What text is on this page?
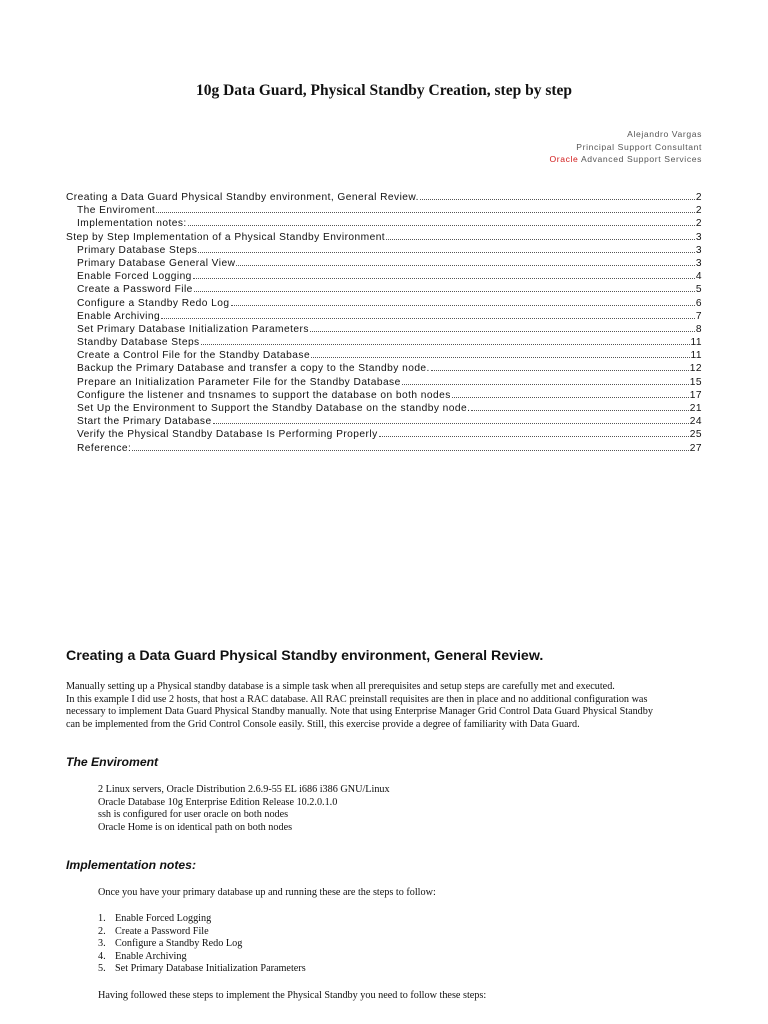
10g Data Guard, Physical Standby Creation, step by step
Alejandro Vargas
Principal Support Consultant
Oracle Advanced Support Services
Creating a Data Guard Physical Standby environment, General Review.	2
The Enviroment	2
Implementation notes:	2
Step by Step Implementation of a Physical Standby Environment	3
Primary Database Steps	3
Primary Database General View	3
Enable Forced Logging	4
Create a Password File	5
Configure a Standby Redo Log	6
Enable Archiving	7
Set Primary Database Initialization Parameters	8
Standby Database Steps	11
Create a Control File for the Standby Database	11
Backup the Primary Database and transfer a copy to the Standby node.	12
Prepare an Initialization Parameter File for the Standby Database	15
Configure the listener and tnsnames to support the database on both nodes	17
Set Up the Environment to Support the Standby Database on the standby node.	21
Start the Primary Database	24
Verify the Physical Standby Database Is Performing Properly	25
Reference:	27
Creating a Data Guard Physical Standby environment, General Review.
Manually setting up a Physical standby database is a simple task when all prerequisites and setup steps are carefully met and executed.
In this example I did use 2 hosts, that host a RAC database. All RAC preinstall requisites are then in place and no additional configuration was
necessary to implement Data Guard Physical Standby manually. Note that using Enterprise Manager Grid Control Data Guard Physical Standby
can be implemented from the Grid Control Console easily. Still, this exercise provide a degree of familiarity with Data Guard.
The Enviroment
2 Linux servers, Oracle Distribution 2.6.9-55 EL i686 i386 GNU/Linux
Oracle Database 10g Enterprise Edition Release 10.2.0.1.0
ssh is configured for user oracle on both nodes
Oracle Home is on identical path on both nodes
Implementation notes:
Once you have your primary database up and running these are the steps to follow:
1. Enable Forced Logging
2. Create a Password File
3. Configure a Standby Redo Log
4. Enable Archiving
5. Set Primary Database Initialization Parameters
Having followed these steps to implement the Physical Standby you need to follow these steps:
